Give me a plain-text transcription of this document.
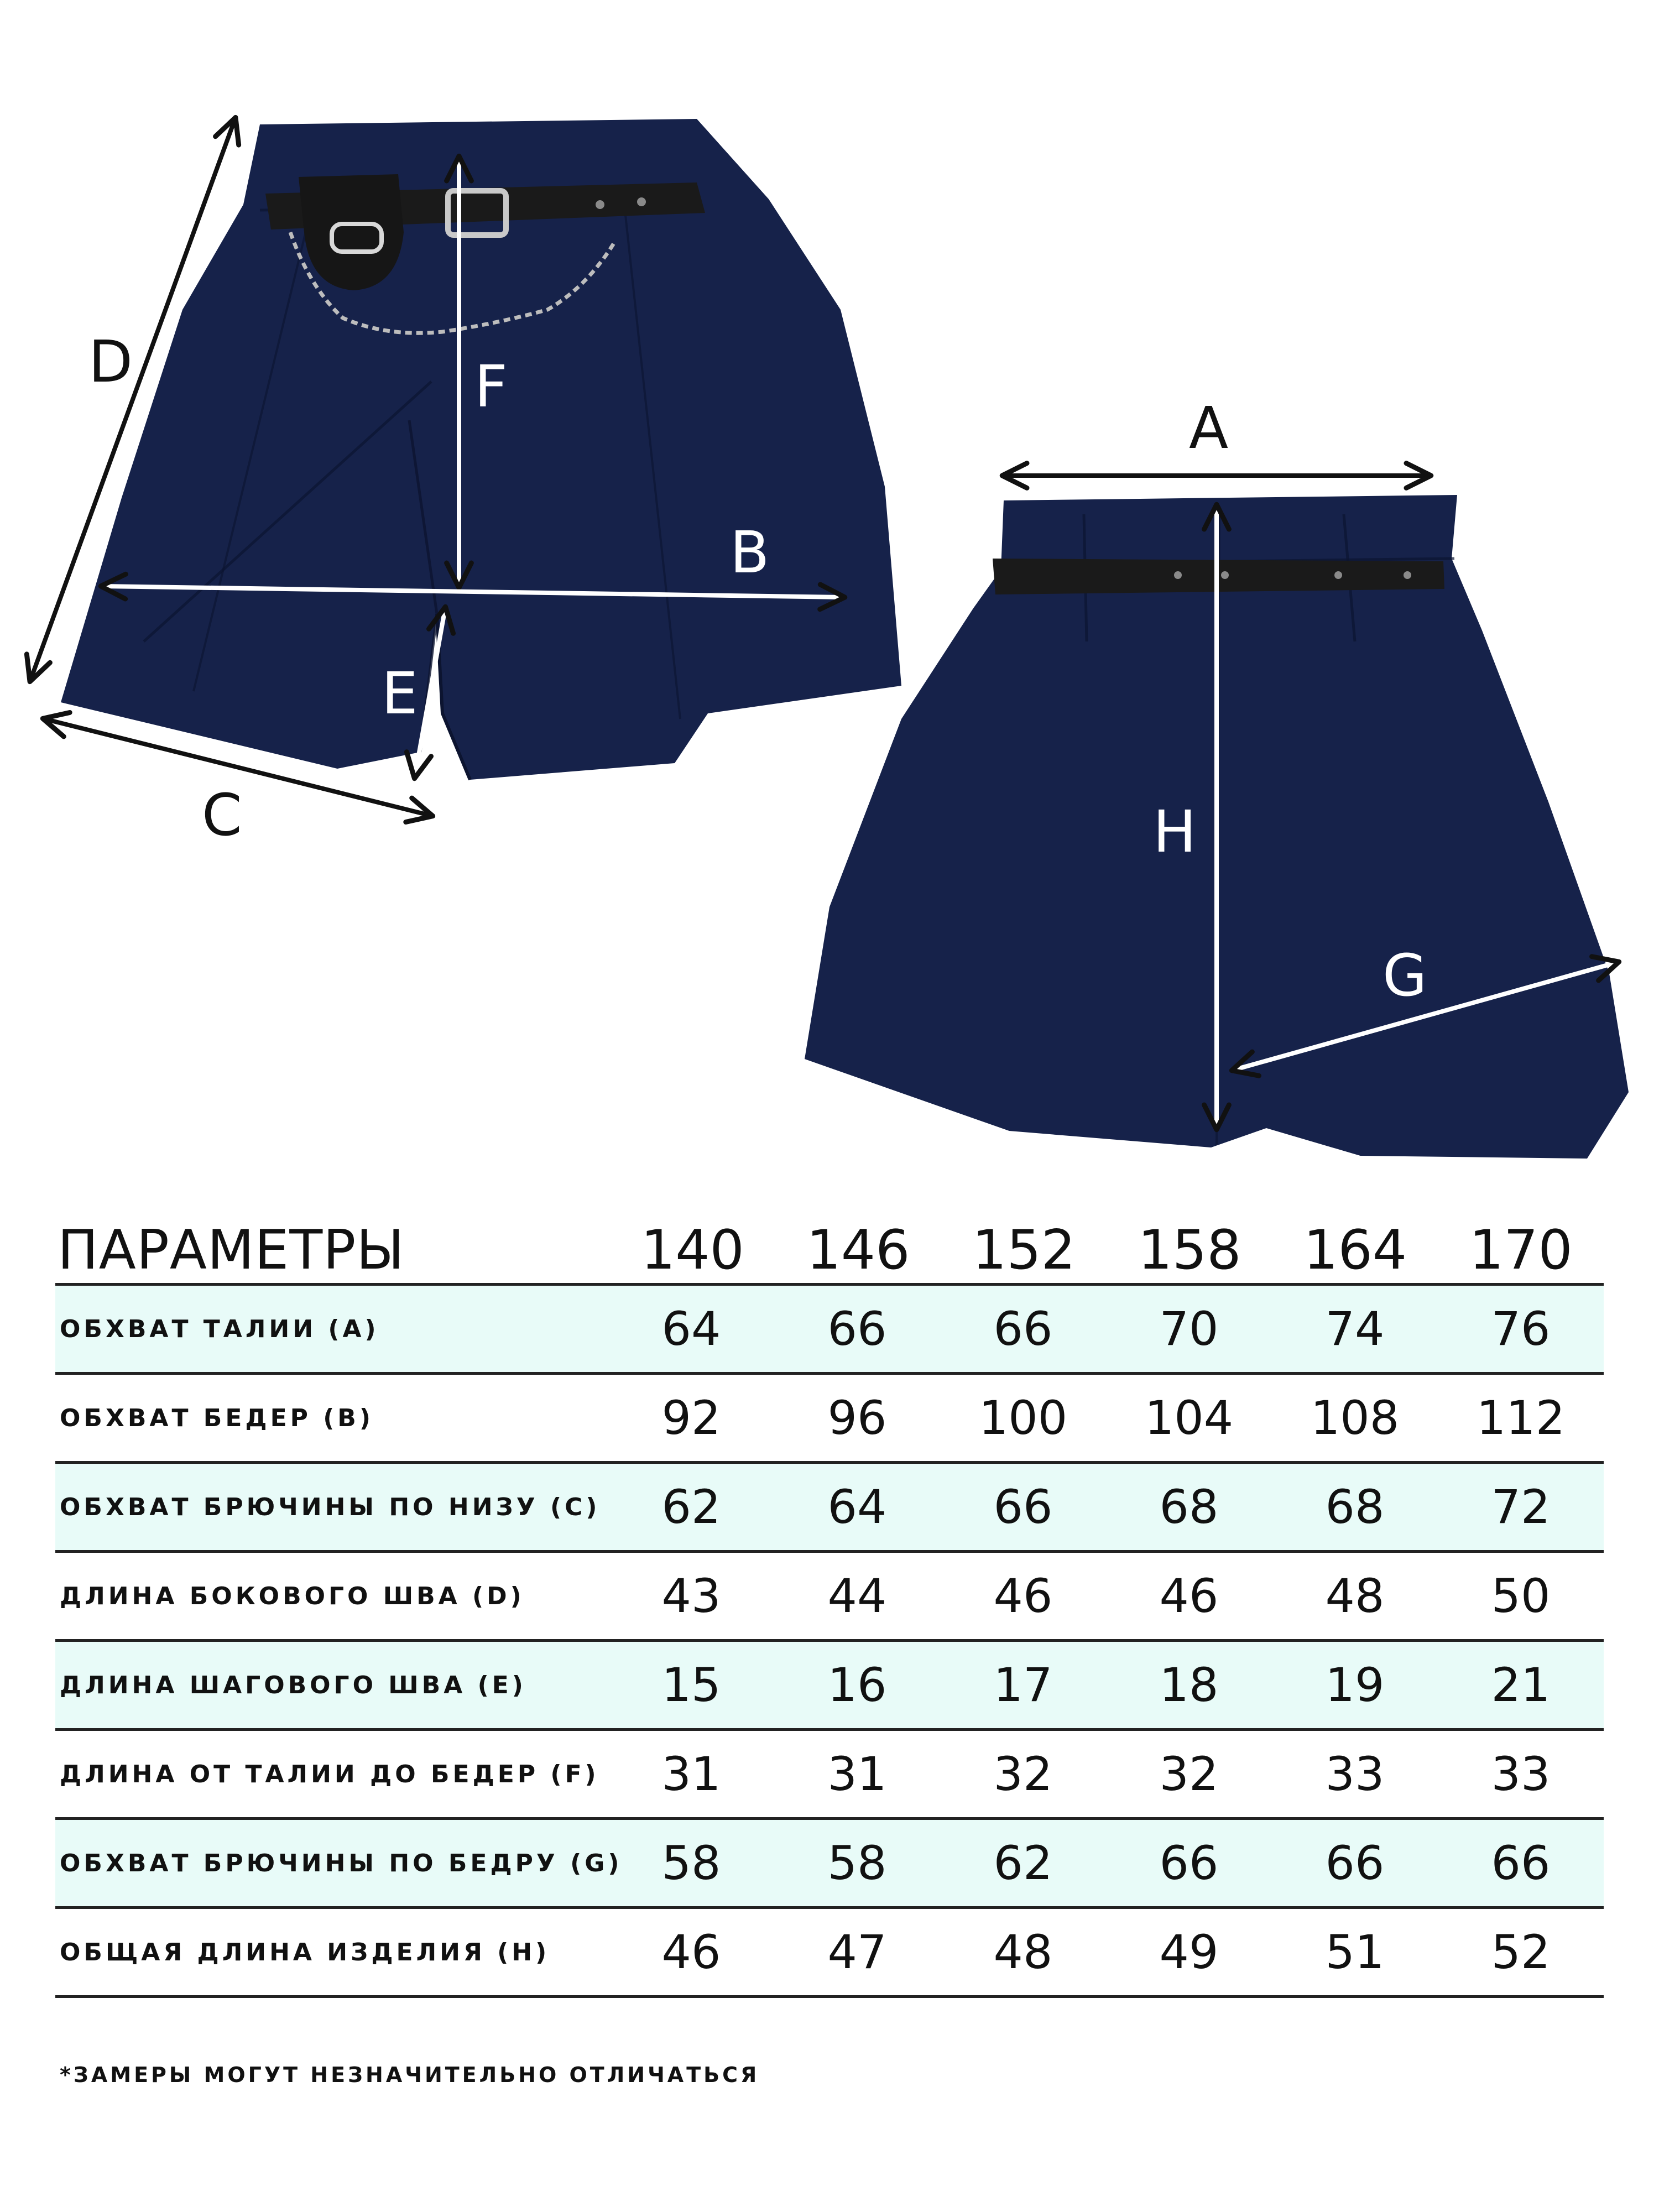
D	F
B
E
C
A
H
G
ПАРАМЕТРЫ	140	146	152	158	164	170
ОБХВАТ ТАЛИИ (А)	64	66	66	70	74	76
ОБХВАТ БЕДЕР (В)	92	96	100	104	108	112
ОБХВАТ БРЮЧИНЫ ПО НИЗУ (С)	62	64	66	68	68	72
ДЛИНА БОКОВОГО ШВА (D)	43	44	46	46	48	50
ДЛИНА ШАГОВОГО ШВА (Е)	15	16	17	18	19	21
ДЛИНА ОТ ТАЛИИ ДО БЕДЕР (F)	31	31	32	32	33	33
ОБХВАТ БРЮЧИНЫ ПО БЕДРУ (G) 58	58	62	66	66	66
ОБЩАЯ ДЛИНА ИЗДЕЛИЯ (Н)	46	47	48	49	51	52
*ЗАМЕРЫ МОГУТ НЕЗНАЧИТЕЛЬНО ОТЛИЧАТЬСЯ
